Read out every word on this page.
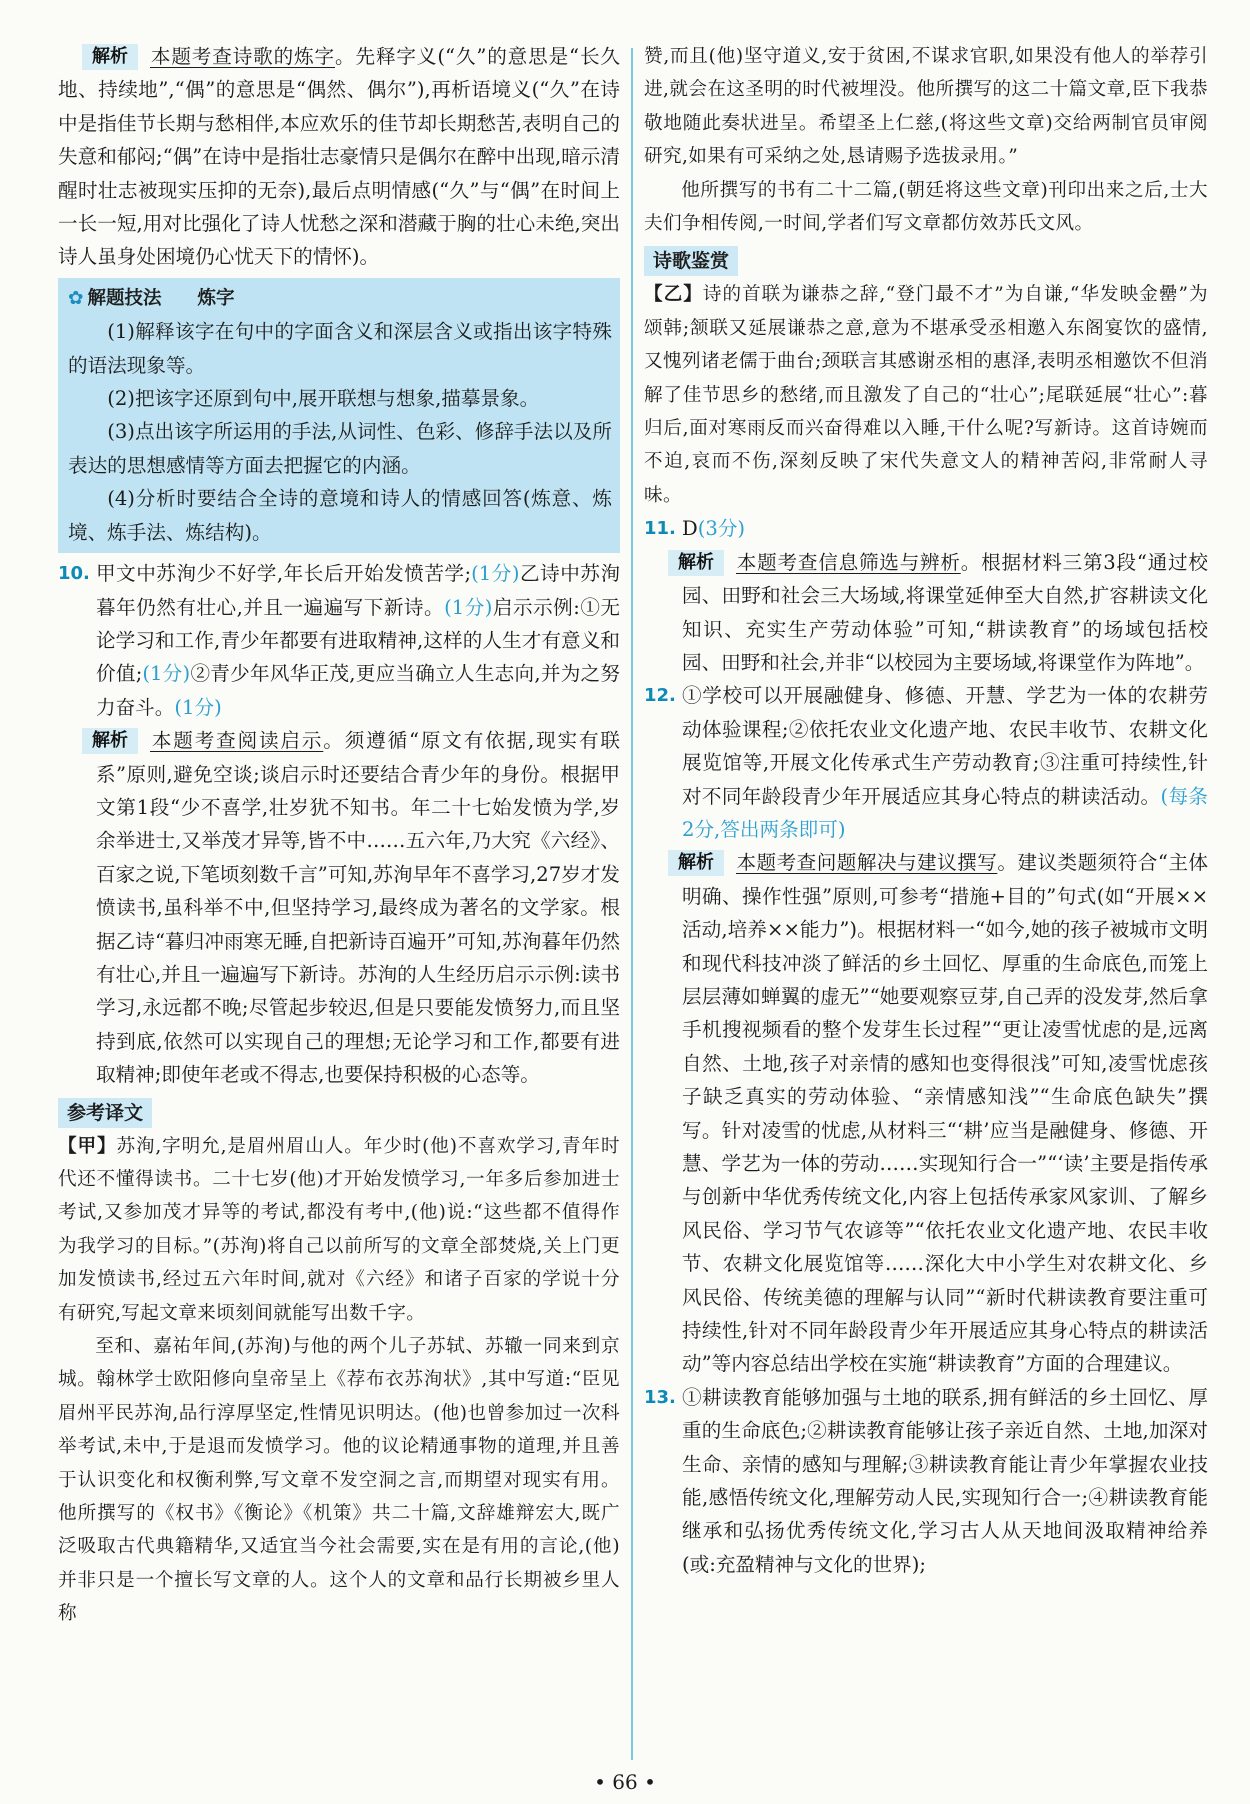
解析 本题考查诗歌的炼字。先释字义(“久”的意思是“长久地、持续地”,“偶”的意思是“偶然、偶尔”),再析语境义(“久”在诗中是指佳节长期与愁相伴,本应欢乐的佳节却长期愁苦,表明自己的失意和郁闷;“偶”在诗中是指壮志豪情只是偶尔在醉中出现,暗示清醒时壮志被现实压抑的无奈),最后点明情感(“久”与“偶”在时间上一长一短,用对比强化了诗人忧愁之深和潜藏于胸的壮心未绝,突出诗人虽身处困境仍心忧天下的情怀)。

✿ 解题技法 炼字

(1)解释该字在句中的字面含义和深层含义或指出该字特殊的语法现象等。

(2)把该字还原到句中,展开联想与想象,描摹景象。

(3)点出该字所运用的手法,从词性、色彩、修辞手法以及所表达的思想感情等方面去把握它的内涵。

(4)分析时要结合全诗的意境和诗人的情感回答(炼意、炼境、炼手法、炼结构)。

10. 甲文中苏洵少不好学,年长后开始发愤苦学;(1分)乙诗中苏洵暮年仍然有壮心,并且一遍遍写下新诗。(1分)启示示例:①无论学习和工作,青少年都要有进取精神,这样的人生才有意义和价值;(1分)②青少年风华正茂,更应当确立人生志向,并为之努力奋斗。(1分)

解析 本题考查阅读启示。须遵循“原文有依据,现实有联系”原则,避免空谈;谈启示时还要结合青少年的身份。根据甲文第1段“少不喜学,壮岁犹不知书。年二十七始发愤为学,岁余举进士,又举茂才异等,皆不中……五六年,乃大究《六经》、百家之说,下笔顷刻数千言”可知,苏洵早年不喜学习,27岁才发愤读书,虽科举不中,但坚持学习,最终成为著名的文学家。根据乙诗“暮归冲雨寒无睡,自把新诗百遍开”可知,苏洵暮年仍然有壮心,并且一遍遍写下新诗。苏洵的人生经历启示示例:读书学习,永远都不晚;尽管起步较迟,但是只要能发愤努力,而且坚持到底,依然可以实现自己的理想;无论学习和工作,都要有进取精神;即使年老或不得志,也要保持积极的心态等。

参考译文

【甲】苏洵,字明允,是眉州眉山人。年少时(他)不喜欢学习,青年时代还不懂得读书。二十七岁(他)才开始发愤学习,一年多后参加进士考试,又参加茂才异等的考试,都没有考中,(他)说:“这些都不值得作为我学习的目标。”(苏洵)将自己以前所写的文章全部焚烧,关上门更加发愤读书,经过五六年时间,就对《六经》和诸子百家的学说十分有研究,写起文章来顷刻间就能写出数千字。

至和、嘉祐年间,(苏洵)与他的两个儿子苏轼、苏辙一同来到京城。翰林学士欧阳修向皇帝呈上《荐布衣苏洵状》,其中写道:“臣见眉州平民苏洵,品行淳厚坚定,性情见识明达。(他)也曾参加过一次科举考试,未中,于是退而发愤学习。他的议论精通事物的道理,并且善于认识变化和权衡利弊,写文章不发空洞之言,而期望对现实有用。他所撰写的《权书》《衡论》《机策》共二十篇,文辞雄辩宏大,既广泛吸取古代典籍精华,又适宜当今社会需要,实在是有用的言论,(他)并非只是一个擅长写文章的人。这个人的文章和品行长期被乡里人称

赞,而且(他)坚守道义,安于贫困,不谋求官职,如果没有他人的举荐引进,就会在这圣明的时代被埋没。他所撰写的这二十篇文章,臣下我恭敬地随此奏状进呈。希望圣上仁慈,(将这些文章)交给两制官员审阅研究,如果有可采纳之处,恳请赐予选拔录用。”

他所撰写的书有二十二篇,(朝廷将这些文章)刊印出来之后,士大夫们争相传阅,一时间,学者们写文章都仿效苏氏文风。

诗歌鉴赏

【乙】诗的首联为谦恭之辞,“登门最不才”为自谦,“华发映金罍”为颂韩;颔联又延展谦恭之意,意为不堪承受丞相邀入东阁宴饮的盛情,又愧列诸老儒于曲台;颈联言其感谢丞相的惠泽,表明丞相邀饮不但消解了佳节思乡的愁绪,而且激发了自己的“壮心”;尾联延展“壮心”:暮归后,面对寒雨反而兴奋得难以入睡,干什么呢?写新诗。这首诗婉而不迫,哀而不伤,深刻反映了宋代失意文人的精神苦闷,非常耐人寻味。

11. D(3分)

解析 本题考查信息筛选与辨析。根据材料三第3段“通过校园、田野和社会三大场域,将课堂延伸至大自然,扩容耕读文化知识、充实生产劳动体验”可知,“耕读教育”的场域包括校园、田野和社会,并非“以校园为主要场域,将课堂作为阵地”。

12. ①学校可以开展融健身、修德、开慧、学艺为一体的农耕劳动体验课程;②依托农业文化遗产地、农民丰收节、农耕文化展览馆等,开展文化传承式生产劳动教育;③注重可持续性,针对不同年龄段青少年开展适应其身心特点的耕读活动。(每条2分,答出两条即可)

解析 本题考查问题解决与建议撰写。建议类题须符合“主体明确、操作性强”原则,可参考“措施+目的”句式(如“开展××活动,培养××能力”)。根据材料一“如今,她的孩子被城市文明和现代科技冲淡了鲜活的乡土回忆、厚重的生命底色,而笼上层层薄如蝉翼的虚无”“她要观察豆芽,自己弄的没发芽,然后拿手机搜视频看的整个发芽生长过程”“更让凌雪忧虑的是,远离自然、土地,孩子对亲情的感知也变得很浅”可知,凌雪忧虑孩子缺乏真实的劳动体验、“亲情感知浅”“生命底色缺失”撰写。针对凌雪的忧虑,从材料三“‘耕’应当是融健身、修德、开慧、学艺为一体的劳动……实现知行合一”“‘读’主要是指传承与创新中华优秀传统文化,内容上包括传承家风家训、了解乡风民俗、学习节气农谚等”“依托农业文化遗产地、农民丰收节、农耕文化展览馆等……深化大中小学生对农耕文化、乡风民俗、传统美德的理解与认同”“新时代耕读教育要注重可持续性,针对不同年龄段青少年开展适应其身心特点的耕读活动”等内容总结出学校在实施“耕读教育”方面的合理建议。

13. ①耕读教育能够加强与土地的联系,拥有鲜活的乡土回忆、厚重的生命底色;②耕读教育能够让孩子亲近自然、土地,加深对生命、亲情的感知与理解;③耕读教育能让青少年掌握农业技能,感悟传统文化,理解劳动人民,实现知行合一;④耕读教育能继承和弘扬优秀传统文化,学习古人从天地间汲取精神给养(或:充盈精神与文化的世界);

• 66 •
